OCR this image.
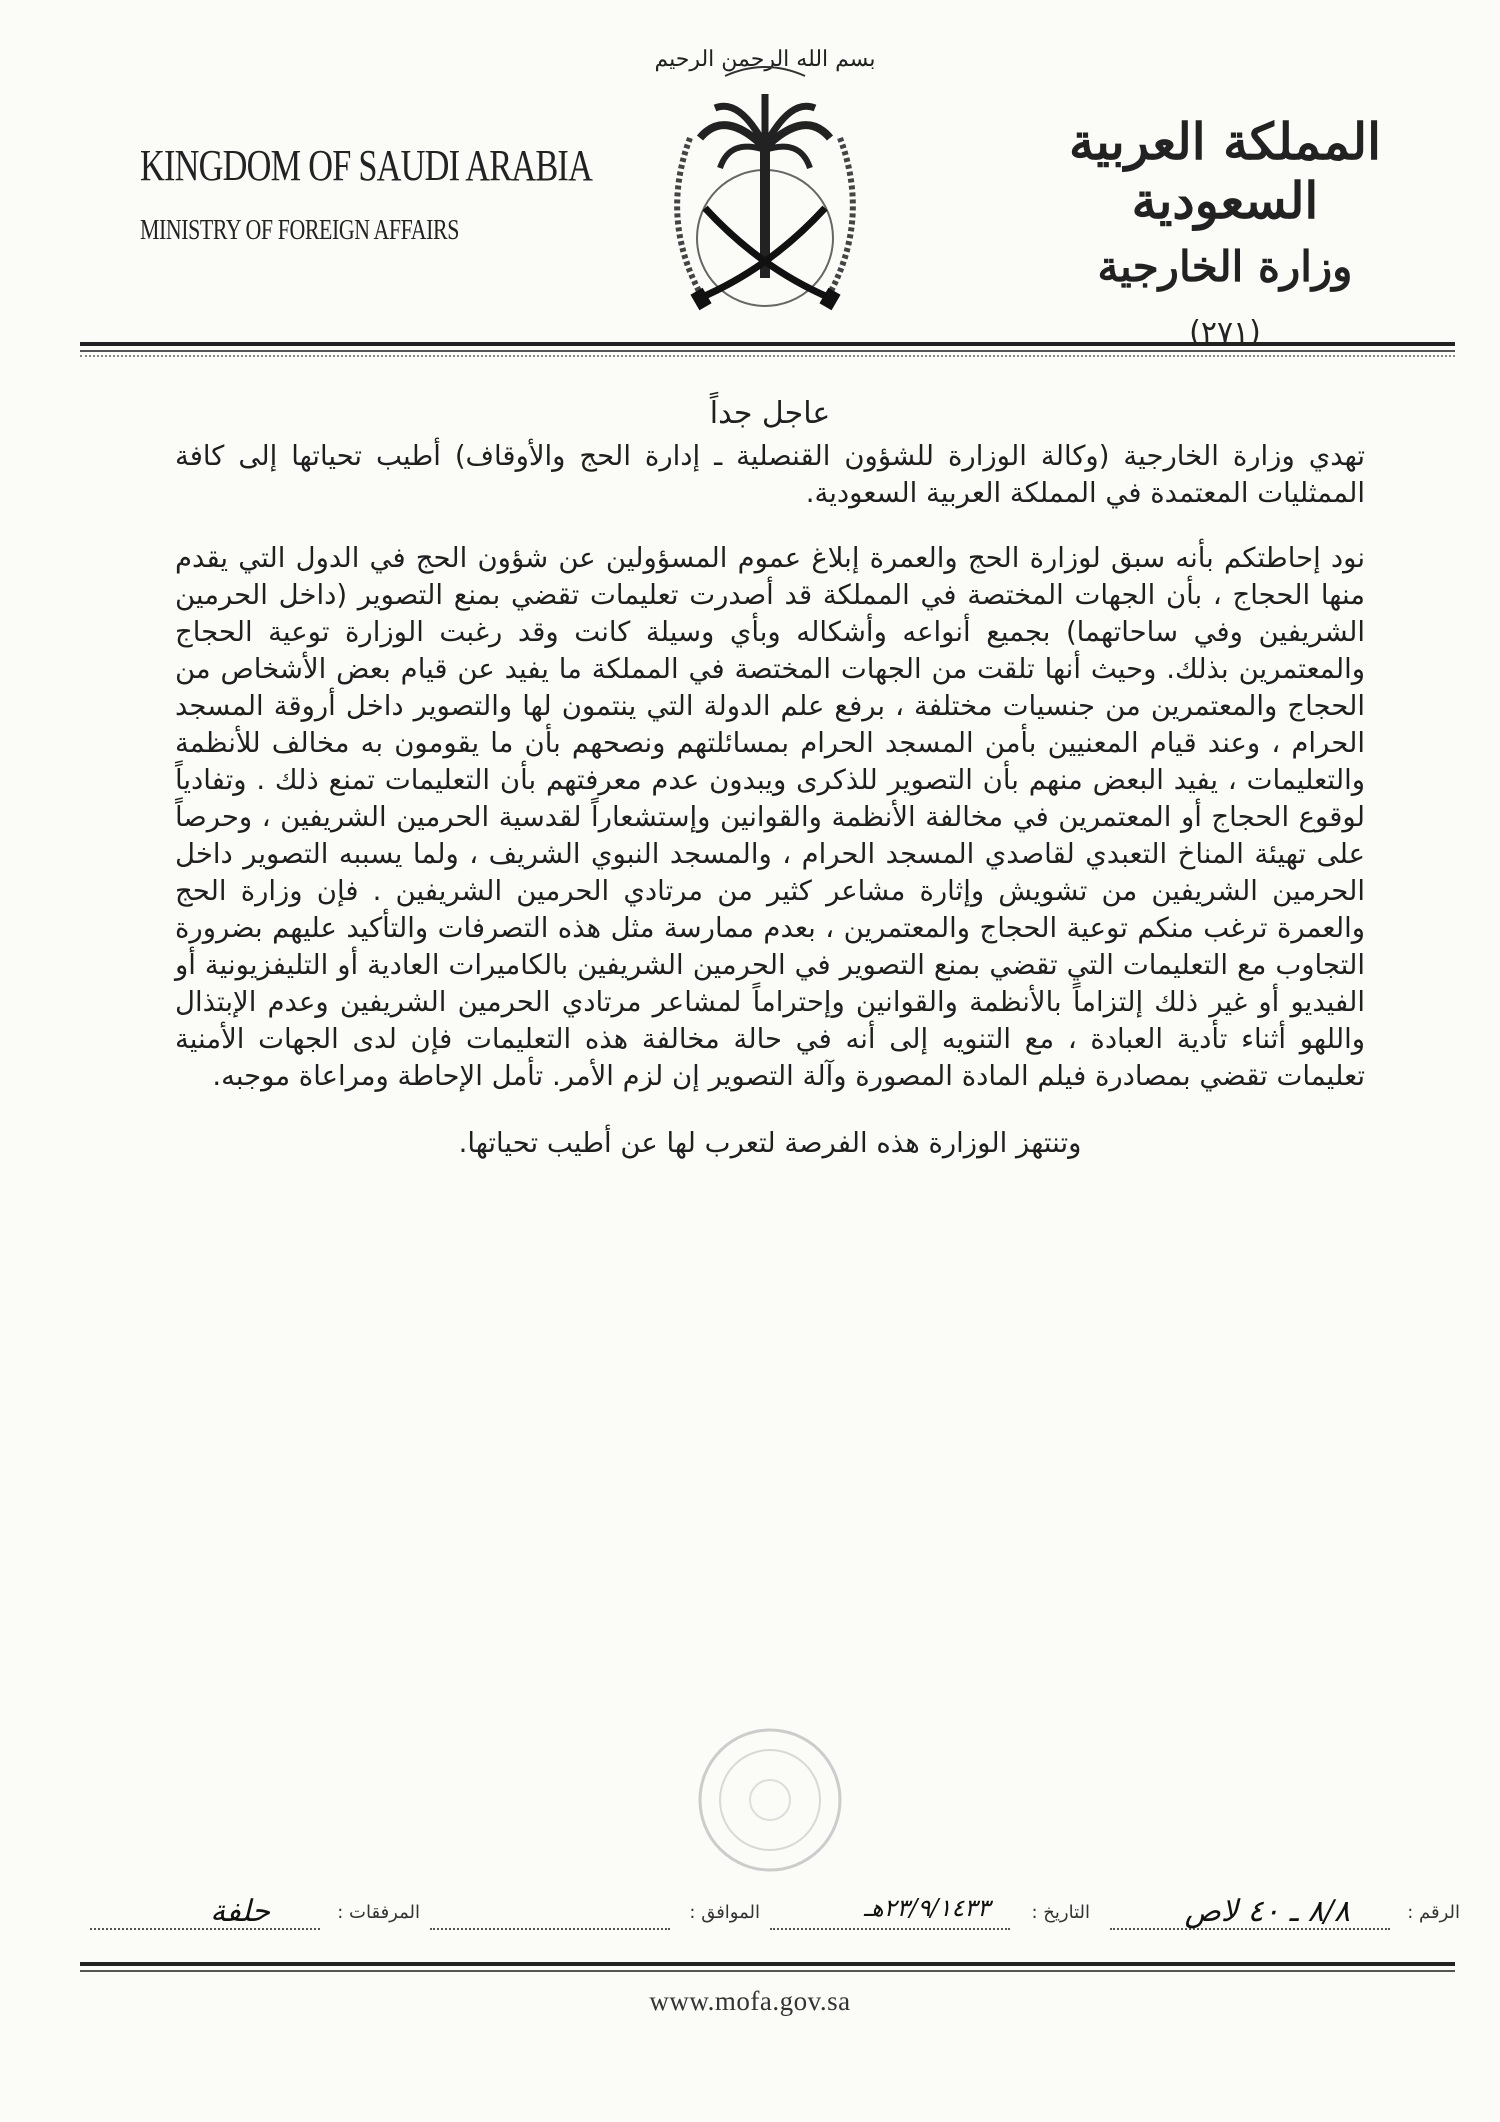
KINGDOM OF SAUDI ARABIA
MINISTRY OF FOREIGN AFFAIRS
بسم الله الرحمن الرحيم
المملكة العربية السعودية
وزارة الخارجية
(٢٧١)
عاجل جداً
تهدي وزارة الخارجية (وكالة الوزارة للشؤون القنصلية ـ إدارة الحج والأوقاف) أطيب تحياتها إلى كافة الممثليات المعتمدة في المملكة العربية السعودية.
نود إحاطتكم بأنه سبق لوزارة الحج والعمرة إبلاغ عموم المسؤولين عن شؤون الحج في الدول التي يقدم منها الحجاج ، بأن الجهات المختصة في المملكة قد أصدرت تعليمات تقضي بمنع التصوير (داخل الحرمين الشريفين وفي ساحاتهما) بجميع أنواعه وأشكاله وبأي وسيلة كانت وقد رغبت الوزارة توعية الحجاج والمعتمرين بذلك. وحيث أنها تلقت من الجهات المختصة في المملكة ما يفيد عن قيام بعض الأشخاص من الحجاج والمعتمرين من جنسيات مختلفة ، برفع علم الدولة التي ينتمون لها والتصوير داخل أروقة المسجد الحرام ، وعند قيام المعنيين بأمن المسجد الحرام بمسائلتهم ونصحهم بأن ما يقومون به مخالف للأنظمة والتعليمات ، يفيد البعض منهم بأن التصوير للذكرى ويبدون عدم معرفتهم بأن التعليمات تمنع ذلك . وتفادياً لوقوع الحجاج أو المعتمرين في مخالفة الأنظمة والقوانين وإستشعاراً لقدسية الحرمين الشريفين ، وحرصاً على تهيئة المناخ التعبدي لقاصدي المسجد الحرام ، والمسجد النبوي الشريف ، ولما يسببه التصوير داخل الحرمين الشريفين من تشويش وإثارة مشاعر كثير من مرتادي الحرمين الشريفين . فإن وزارة الحج والعمرة ترغب منكم توعية الحجاج والمعتمرين ، بعدم ممارسة مثل هذه التصرفات والتأكيد عليهم بضرورة التجاوب مع التعليمات التي تقضي بمنع التصوير في الحرمين الشريفين بالكاميرات العادية أو التليفزيونية أو الفيديو أو غير ذلك إلتزاماً بالأنظمة والقوانين وإحتراماً لمشاعر مرتادي الحرمين الشريفين وعدم الإبتذال واللهو أثناء تأدية العبادة ، مع التنويه إلى أنه في حالة مخالفة هذه التعليمات فإن لدى الجهات الأمنية تعليمات تقضي بمصادرة فيلم المادة المصورة وآلة التصوير إن لزم الأمر. تأمل الإحاطة ومراعاة موجبه.
وتنتهز الوزارة هذه الفرصة لتعرب لها عن أطيب تحياتها.
الرقم :
٨/٨ ـ ٤٠ لاص
التاريخ :
٢٣/٩/١٤٣٣هـ
الموافق :
المرفقات :
حلفة
www.mofa.gov.sa
